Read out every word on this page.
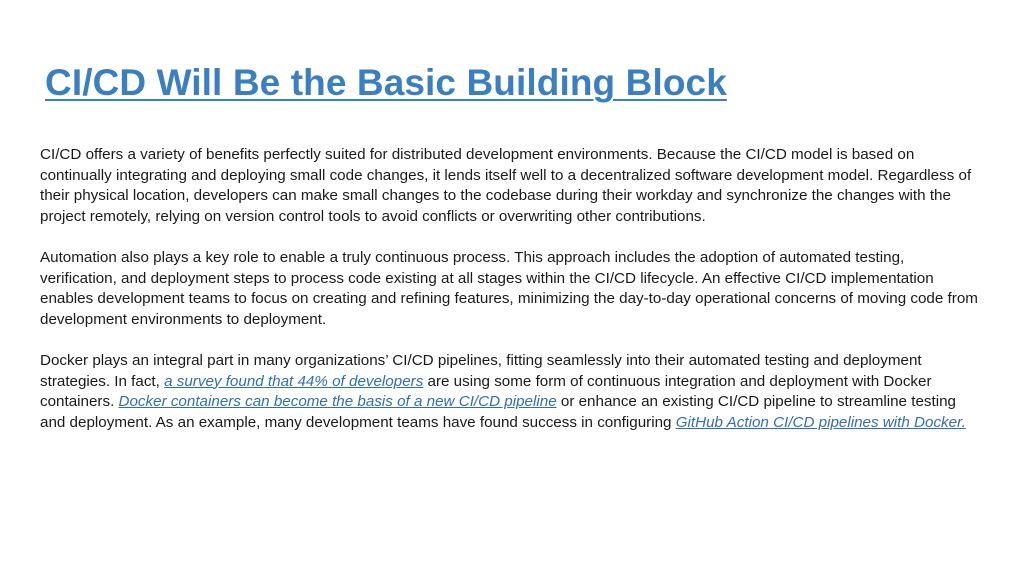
CI/CD Will Be the Basic Building Block

CI/CD offers a variety of benefits perfectly suited for distributed development environments. Because the CI/CD model is based on continually integrating and deploying small code changes, it lends itself well to a decentralized software development model. Regardless of their physical location, developers can make small changes to the codebase during their workday and synchronize the changes with the project remotely, relying on version control tools to avoid conflicts or overwriting other contributions.

Automation also plays a key role to enable a truly continuous process. This approach includes the adoption of automated testing, verification, and deployment steps to process code existing at all stages within the CI/CD lifecycle. An effective CI/CD implementation enables development teams to focus on creating and refining features, minimizing the day-to-day operational concerns of moving code from development environments to deployment.

Docker plays an integral part in many organizations’ CI/CD pipelines, fitting seamlessly into their automated testing and deployment strategies. In fact, a survey found that 44% of developers are using some form of continuous integration and deployment with Docker containers. Docker containers can become the basis of a new CI/CD pipeline or enhance an existing CI/CD pipeline to streamline testing and deployment. As an example, many development teams have found success in configuring GitHub Action CI/CD pipelines with Docker.
